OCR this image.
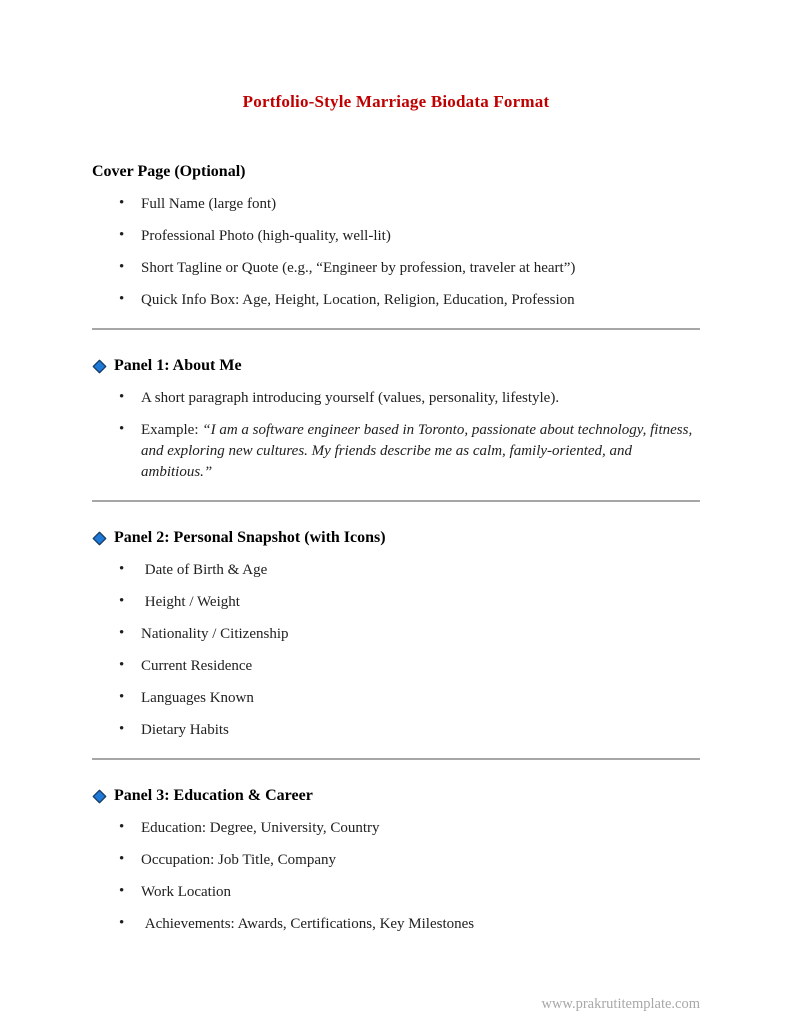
Portfolio-Style Marriage Biodata Format
Cover Page (Optional)
• Full Name (large font)
• Professional Photo (high-quality, well-lit)
• Short Tagline or Quote (e.g., “Engineer by profession, traveler at heart”)
• Quick Info Box: Age, Height, Location, Religion, Education, Profession
Panel 1: About Me
• A short paragraph introducing yourself (values, personality, lifestyle).
• Example: “I am a software engineer based in Toronto, passionate about technology, fitness, and exploring new cultures. My friends describe me as calm, family-oriented, and ambitious.”
Panel 2: Personal Snapshot (with Icons)
•  Date of Birth & Age
•  Height / Weight
• Nationality / Citizenship
• Current Residence
• Languages Known
• Dietary Habits
Panel 3: Education & Career
• Education: Degree, University, Country
• Occupation: Job Title, Company
• Work Location
•  Achievements: Awards, Certifications, Key Milestones
www.prakrutitemplate.com
